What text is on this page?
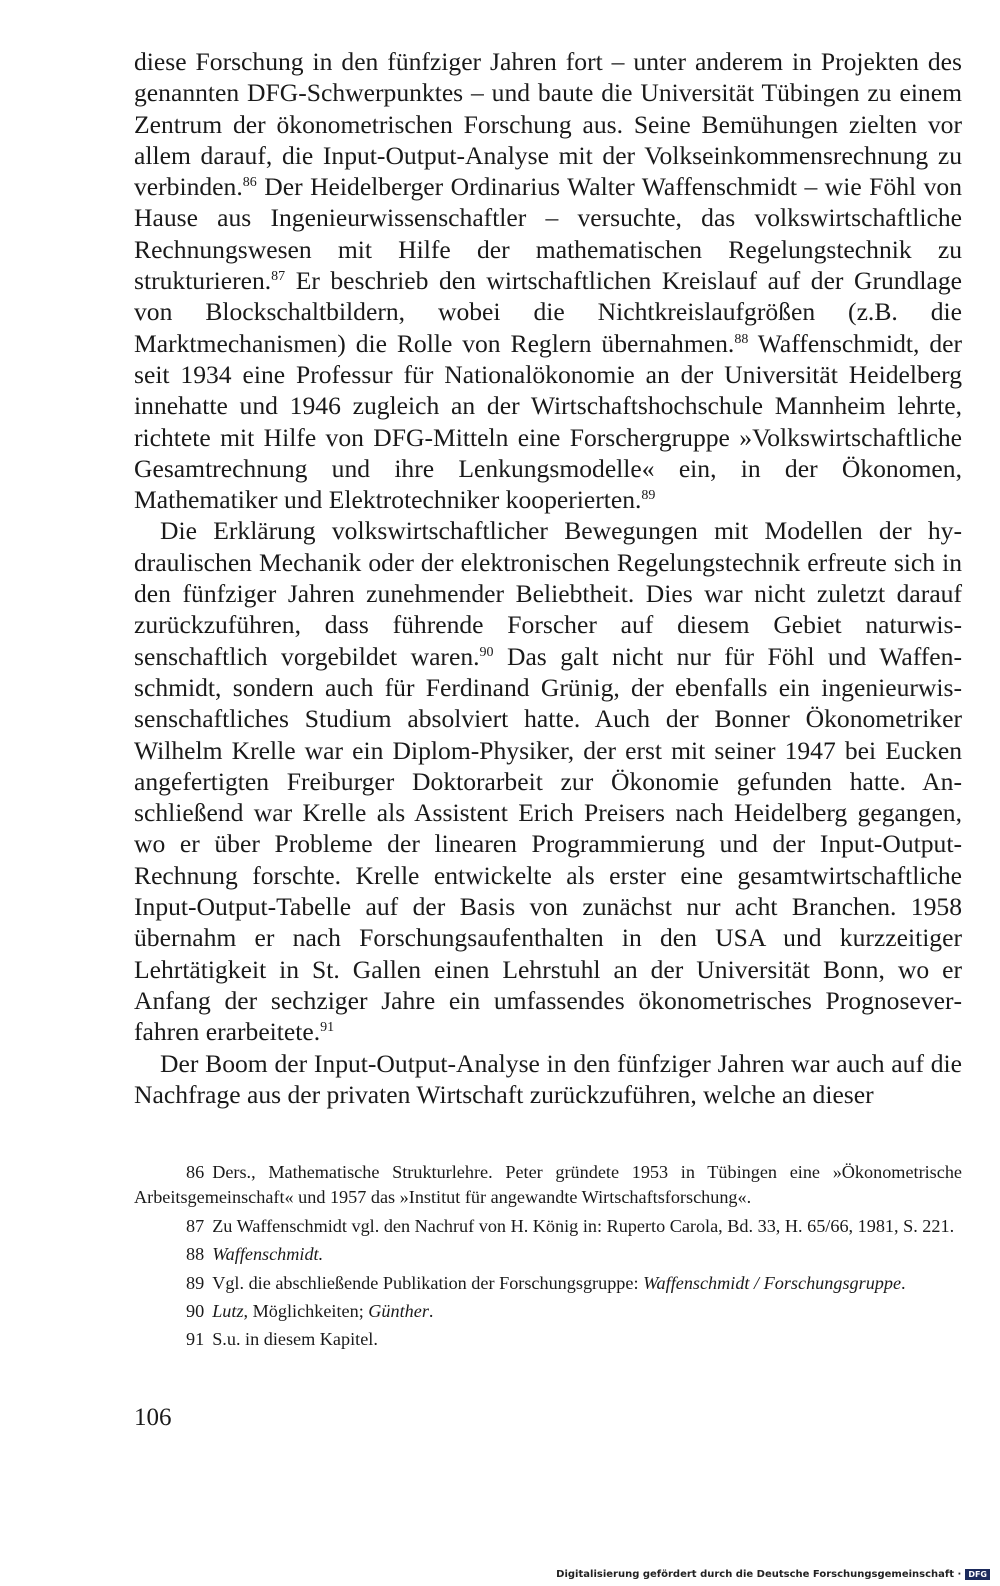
diese Forschung in den fünfziger Jahren fort – unter anderem in Projekten des genannten DFG-Schwerpunktes – und baute die Universität Tübingen zu einem Zentrum der ökonometrischen Forschung aus. Seine Bemühungen zielten vor allem darauf, die Input-Output-Analyse mit der Volkseinkommensrechnung zu verbinden.$^{86}$ Der Heidelberger Ordinarius Walter Waffenschmidt – wie Föhl von Hause aus Ingenieurwissenschaftler – versuchte, das volkswirtschaftliche Rechnungswesen mit Hilfe der mathematischen Regelungstechnik zu strukturieren.$^{87}$ Er beschrieb den wirtschaftlichen Kreislauf auf der Grundlage von Blockschaltbildern, wobei die Nichtkreislaufgrößen (z.B. die Marktmechanismen) die Rolle von Reglern übernahmen.$^{88}$ Waffenschmidt, der seit 1934 eine Professur für Nationalökonomie an der Universität Heidelberg innehatte und 1946 zugleich an der Wirtschaftshochschule Mannheim lehrte, richtete mit Hilfe von DFG-Mitteln eine Forschergruppe »Volkswirtschaftliche Gesamtrechnung und ihre Lenkungsmodelle« ein, in der Ökonomen, Mathematiker und Elektrotechniker kooperierten.$^{89}$

Die Erklärung volkswirtschaftlicher Bewegungen mit Modellen der hydraulischen Mechanik oder der elektronischen Regelungstechnik erfreute sich in den fünfziger Jahren zunehmender Beliebtheit. Dies war nicht zuletzt darauf zurückzuführen, dass führende Forscher auf diesem Gebiet naturwissenschaftlich vorgebildet waren.$^{90}$ Das galt nicht nur für Föhl und Waffenschmidt, sondern auch für Ferdinand Grünig, der ebenfalls ein ingenieurwissenschaftliches Studium absolviert hatte. Auch der Bonner Ökonometriker Wilhelm Krelle war ein Diplom-Physiker, der erst mit seiner 1947 bei Eucken angefertigten Freiburger Doktorarbeit zur Ökonomie gefunden hatte. Anschließend war Krelle als Assistent Erich Preisers nach Heidelberg gegangen, wo er über Probleme der linearen Programmierung und der Input-Output-Rechnung forschte. Krelle entwickelte als erster eine gesamtwirtschaftliche Input-Output-Tabelle auf der Basis von zunächst nur acht Branchen. 1958 übernahm er nach Forschungsaufenthalten in den USA und kurzzeitiger Lehrtätigkeit in St. Gallen einen Lehrstuhl an der Universität Bonn, wo er Anfang der sechziger Jahre ein umfassendes ökonometrisches Prognoseverfahren erarbeitete.$^{91}$

Der Boom der Input-Output-Analyse in den fünfziger Jahren war auch auf die Nachfrage aus der privaten Wirtschaft zurückzuführen, welche an dieser

86 Ders., Mathematische Strukturlehre. Peter gründete 1953 in Tübingen eine »Ökonometrische Arbeitsgemeinschaft« und 1957 das »Institut für angewandte Wirtschaftsforschung«.
87 Zu Waffenschmidt vgl. den Nachruf von H. König in: Ruperto Carola, Bd. 33, H. 65/66, 1981, S. 221.
88 Waffenschmidt.
89 Vgl. die abschließende Publikation der Forschungsgruppe: Waffenschmidt / Forschungsgruppe.
90 Lutz, Möglichkeiten; Günther.
91 S.u. in diesem Kapitel.
106
Digitalisierung gefördert durch die Deutsche Forschungsgemeinschaft · DFG
